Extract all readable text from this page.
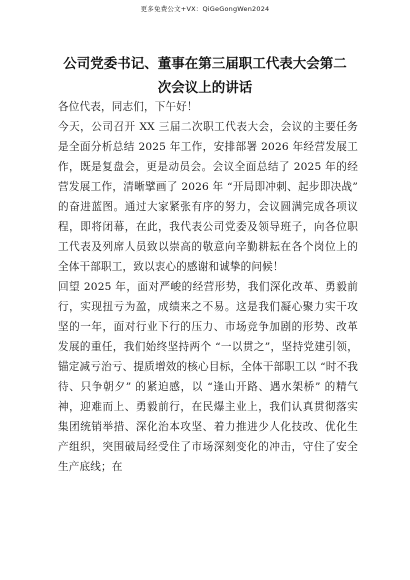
更多免费公文+VX：QiGeGongWen2024
公司党委书记、董事在第三届职工代表大会第二次会议上的讲话

各位代表，同志们，下午好！

今天，公司召开 XX 三届二次职工代表大会，会议的主要任务是全面分析总结 2025 年工作，安排部署 2026 年经营发展工作，既是复盘会，更是动员会。会议全面总结了 2025 年的经营发展工作，清晰擘画了 2026 年 “开局即冲刺、起步即决战” 的奋进蓝图。通过大家紧张有序的努力，会议圆满完成各项议程，即将闭幕，在此，我代表公司党委及领导班子，向各位职工代表及列席人员致以崇高的敬意向辛勤耕耘在各个岗位上的全体干部职工，致以衷心的感谢和诚挚的问候！

回望 2025 年，面对严峻的经营形势，我们深化改革、勇毅前行，实现扭亏为盈，成绩来之不易。这是我们凝心聚力实干攻坚的一年，面对行业下行的压力、市场竞争加剧的形势、改革发展的重任，我们始终坚持两个 “一以贯之”，坚持党建引领，锚定减亏治亏、提质增效的核心目标，全体干部职工以 “时不我待、只争朝夕” 的紧迫感，以 “逢山开路、遇水架桥” 的精气神，迎难而上、勇毅前行，在民爆主业上，我们认真贯彻落实集团统销举措、深化治本攻坚、着力推进少人化技改、优化生产组织，突围破局经受住了市场深刻变化的冲击，守住了安全生产底线；在
